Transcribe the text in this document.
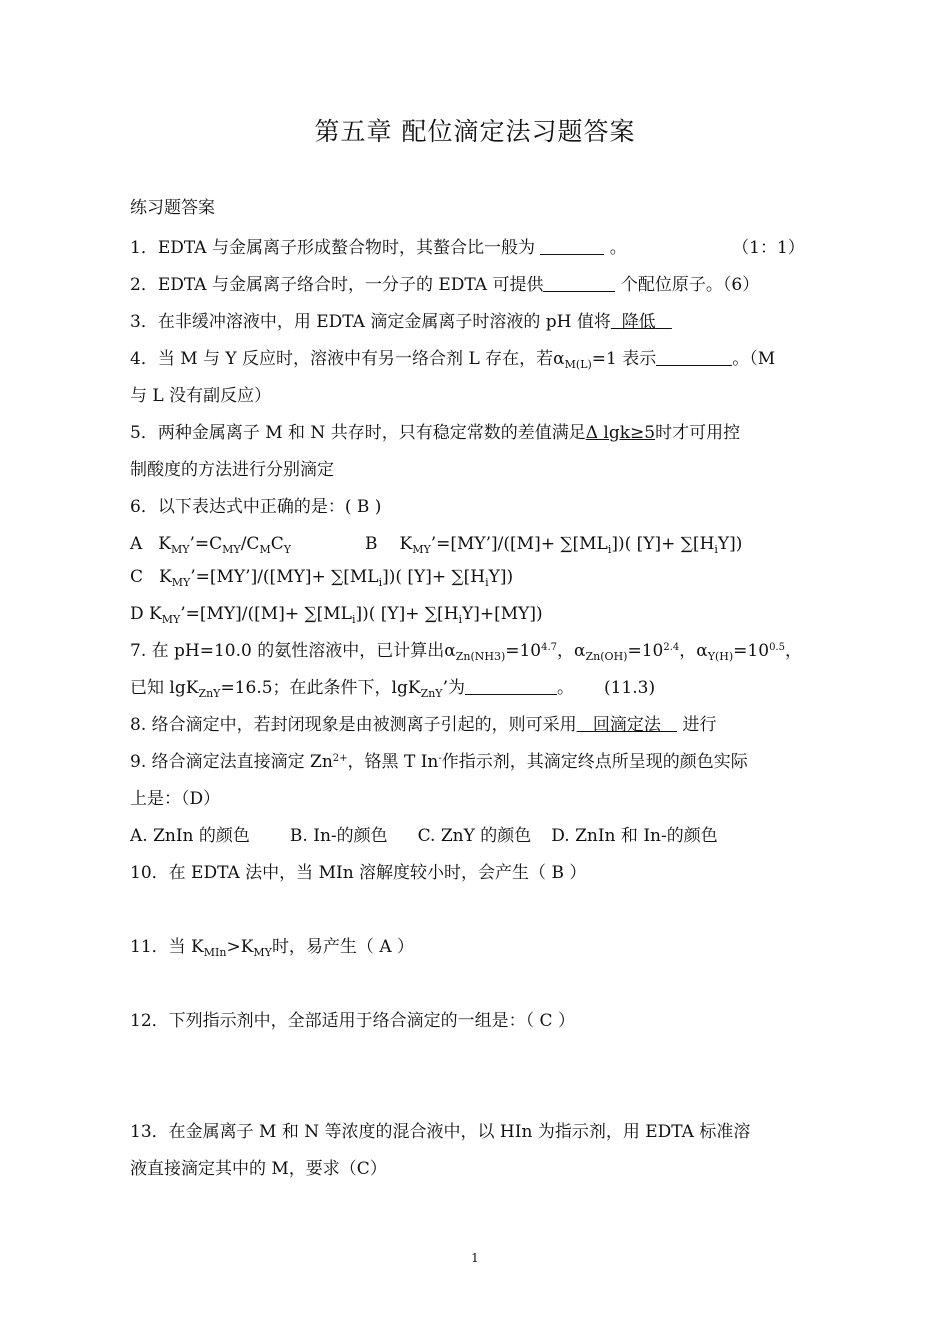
第五章 配位滴定法习题答案
练习题答案
1．EDTA 与金属离子形成螯合物时，其螯合比一般为	。	（1：1）
2．EDTA 与金属离子络合时，一分子的 EDTA 可提供	个配位原子。（6）
3．在非缓冲溶液中，用 EDTA 滴定金属离子时溶液的 pH 值将 降低
4．当 M 与 Y 反应时，溶液中有另一络合剂 L 存在，若$\alpha_{M(L)}=1$ 表示	。（M
与 L 没有副反应）
5．两种金属离子 M 和 N 共存时，只有稳定常数的差值满足Δ lgk≥5时才可用控
制酸度的方法进行分别滴定
6．以下表达式中正确的是：( B )
A $K_{MY}’=C_{MY}/C_MC_Y$	B $K_{MY}’=[MY’]/([M]+ \sum[ML_i])$( $[Y]+ \sum[H_iY]$)
C $K_{MY}’=[MY’]/([MY]+ \sum[ML_i])$( $[Y]+ \sum[H_iY]$)
D $K_{MY}’=[MY]/([M]+ \sum[ML_i])$( $[Y]+ \sum[H_iY]+[MY]$)
7. 在 pH=10.0 的氨性溶液中，已计算出$\alpha_{Zn(NH3)}=10^{4.7}$，$\alpha_{Zn(OH)}=10^{2.4}$，$\alpha_{Y(H)}=10^{0.5}$，
已知 lgK$_{ZnY}$=16.5；在此条件下，lgK$_{ZnY}$’为	。 (11.3)
8. 络合滴定中，若封闭现象是由被测离子引起的，则可采用 回滴定法 进行
9. 络合滴定法直接滴定 $Zn^{2+}$，铬黑 T In-作指示剂，其滴定终点所呈现的颜色实际
上是：（D）
A. ZnIn 的颜色 B. In-的颜色 C. ZnY 的颜色 D. ZnIn 和 In-的颜色
10．在 EDTA 法中，当 MIn 溶解度较小时，会产生（ B ）

11．当 $K_{MIn}>K_{MY}$时，易产生（ A ）

12．下列指示剂中，全部适用于络合滴定的一组是：（ C ）

13．在金属离子 M 和 N 等浓度的混合液中，以 HIn 为指示剂，用 EDTA 标准溶
液直接滴定其中的 M，要求（C）
1
